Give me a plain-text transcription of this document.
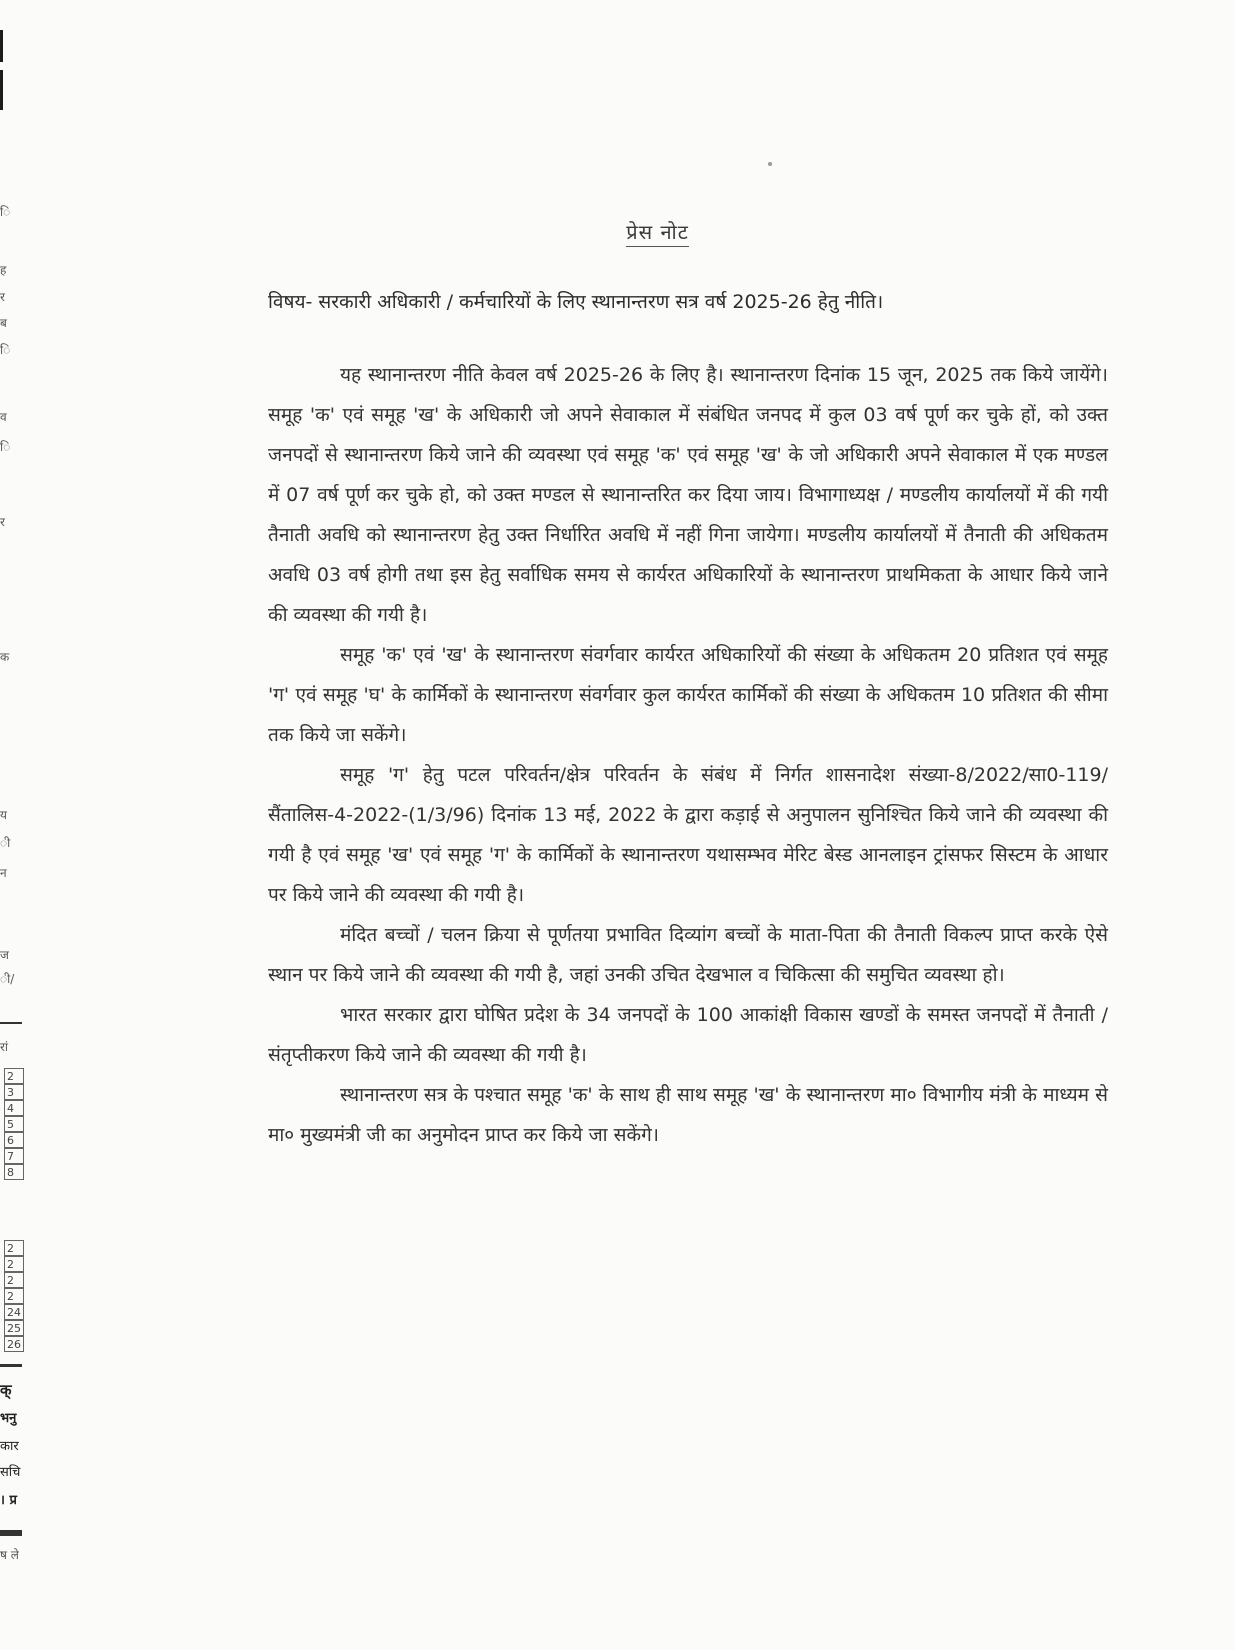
ि
ह
र
ब
ि
व
ि
र
क
य
ी
न
ज
ी/
रां
2
3
4
5
6
7
8
2
2
2
2
24
25
26
क्
भनु
कार
सचि
। प्र
ष ले
प्रेस नोट
विषय- सरकारी अधिकारी / कर्मचारियों के लिए स्थानान्तरण सत्र वर्ष 2025-26 हेतु नीति।

यह स्थानान्तरण नीति केवल वर्ष 2025-26 के लिए है। स्थानान्तरण दिनांक 15 जून, 2025 तक किये जायेंगे। समूह 'क' एवं समूह 'ख' के अधिकारी जो अपने सेवाकाल में संबंधित जनपद में कुल 03 वर्ष पूर्ण कर चुके हों, को उक्त जनपदों से स्थानान्तरण किये जाने की व्यवस्था एवं समूह 'क' एवं समूह 'ख' के जो अधिकारी अपने सेवाकाल में एक मण्डल में 07 वर्ष पूर्ण कर चुके हो, को उक्त मण्डल से स्थानान्तरित कर दिया जाय। विभागाध्यक्ष / मण्डलीय कार्यालयों में की गयी तैनाती अवधि को स्थानान्तरण हेतु उक्त निर्धारित अवधि में नहीं गिना जायेगा। मण्डलीय कार्यालयों में तैनाती की अधिकतम अवधि 03 वर्ष होगी तथा इस हेतु सर्वाधिक समय से कार्यरत अधिकारियों के स्थानान्तरण प्राथमिकता के आधार किये जाने की व्यवस्था की गयी है।

समूह 'क' एवं 'ख' के स्थानान्तरण संवर्गवार कार्यरत अधिकारियों की संख्या के अधिकतम 20 प्रतिशत एवं समूह 'ग' एवं समूह 'घ' के कार्मिकों के स्थानान्तरण संवर्गवार कुल कार्यरत कार्मिकों की संख्या के अधिकतम 10 प्रतिशत की सीमा तक किये जा सकेंगे।

समूह 'ग' हेतु पटल परिवर्तन/क्षेत्र परिवर्तन के संबंध में निर्गत शासनादेश संख्या-8/2022/सा0-119/सैंतालिस-4-2022-(1/3/96) दिनांक 13 मई, 2022 के द्वारा कड़ाई से अनुपालन सुनिश्चित किये जाने की व्यवस्था की गयी है एवं समूह 'ख' एवं समूह 'ग' के कार्मिकों के स्थानान्तरण यथासम्भव मेरिट बेस्ड आनलाइन ट्रांसफर सिस्टम के आधार पर किये जाने की व्यवस्था की गयी है।

मंदित बच्चों / चलन क्रिया से पूर्णतया प्रभावित दिव्यांग बच्चों के माता-पिता की तैनाती विकल्प प्राप्त करके ऐसे स्थान पर किये जाने की व्यवस्था की गयी है, जहां उनकी उचित देखभाल व चिकित्सा की समुचित व्यवस्था हो।

भारत सरकार द्वारा घोषित प्रदेश के 34 जनपदों के 100 आकांक्षी विकास खण्डों के समस्त जनपदों में तैनाती / संतृप्तीकरण किये जाने की व्यवस्था की गयी है।

स्थानान्तरण सत्र के पश्चात समूह 'क' के साथ ही साथ समूह 'ख' के स्थानान्तरण मा० विभागीय मंत्री के माध्यम से मा० मुख्यमंत्री जी का अनुमोदन प्राप्त कर किये जा सकेंगे।
